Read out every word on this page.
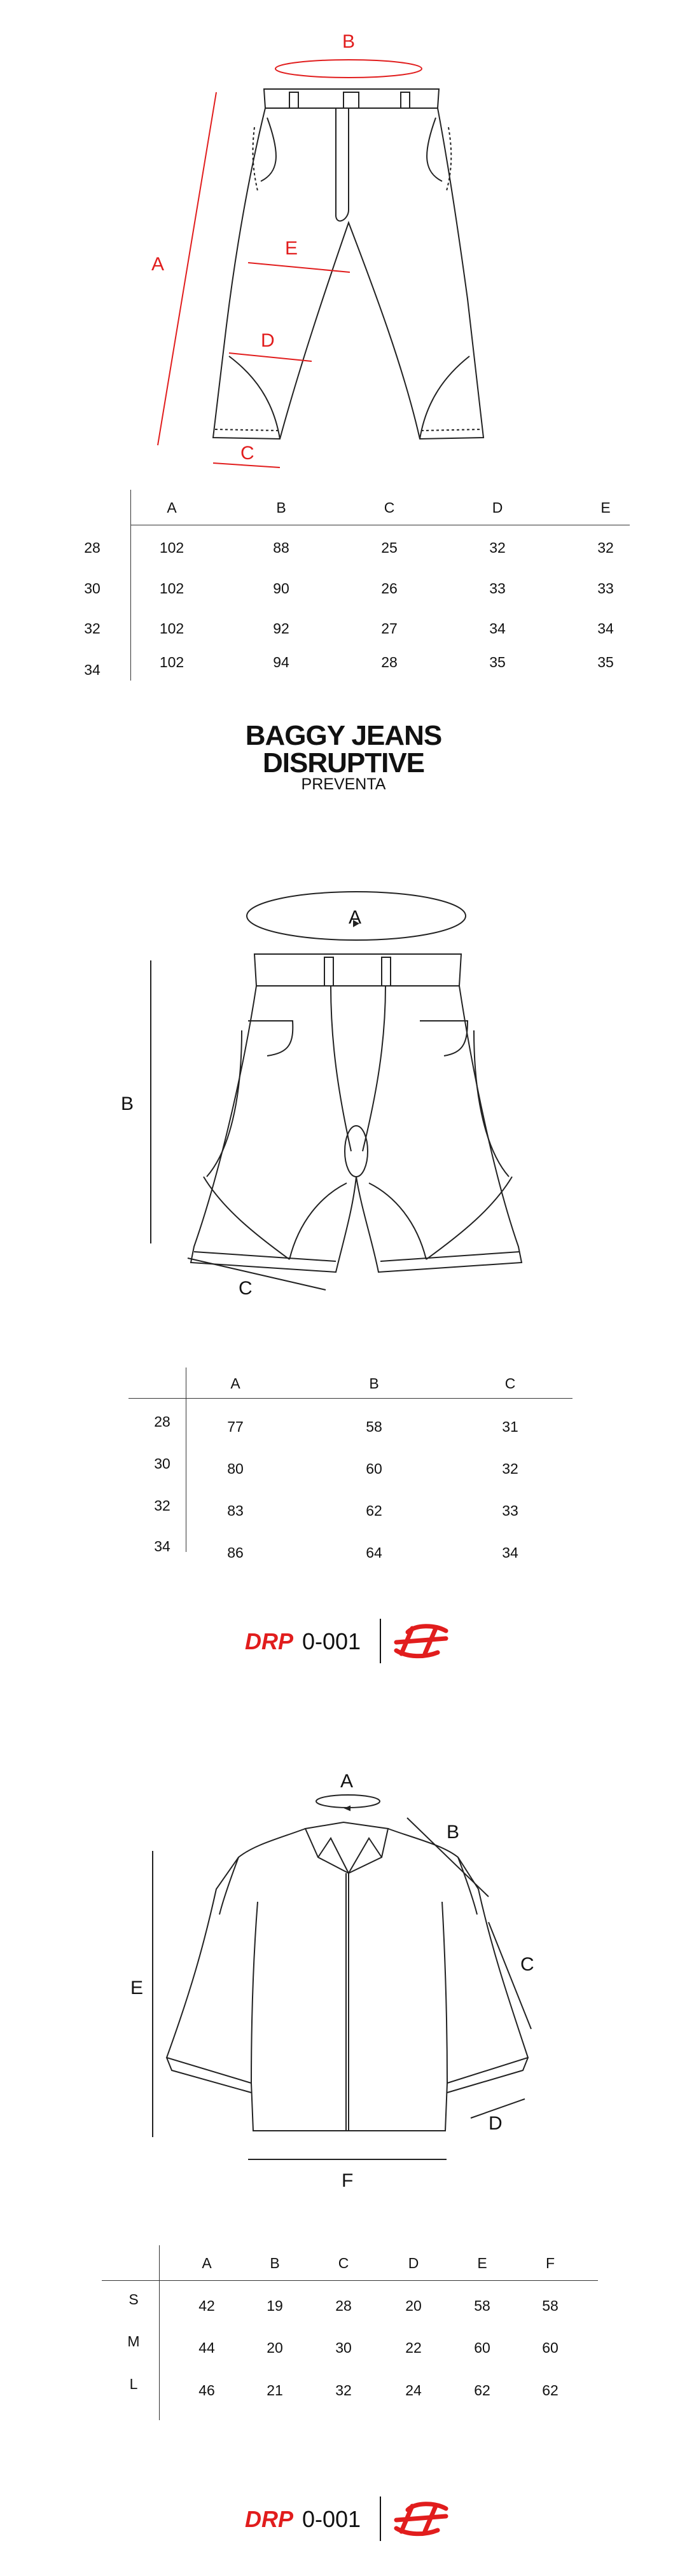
B
A
E
D
C
A	B	C	D	E
28	102	88	25	32	32
30	102	90	26	33	33
32	102	92	27	34	34
34	102	94	28	35	35
BAGGY JEANS
DISRUPTIVE
PREVENTA
A
B
C
A	B	C
28	77	58	31
30	80	60	32
32	83	62	33
34	86	64	34
DRP 0-001
A
B
C
D
E
F
A	B	C	D	E	F
S	42	19	28	20	58	58
M	44	20	30	22	60	60
L	46	21	32	24	62	62
DRP 0-001
